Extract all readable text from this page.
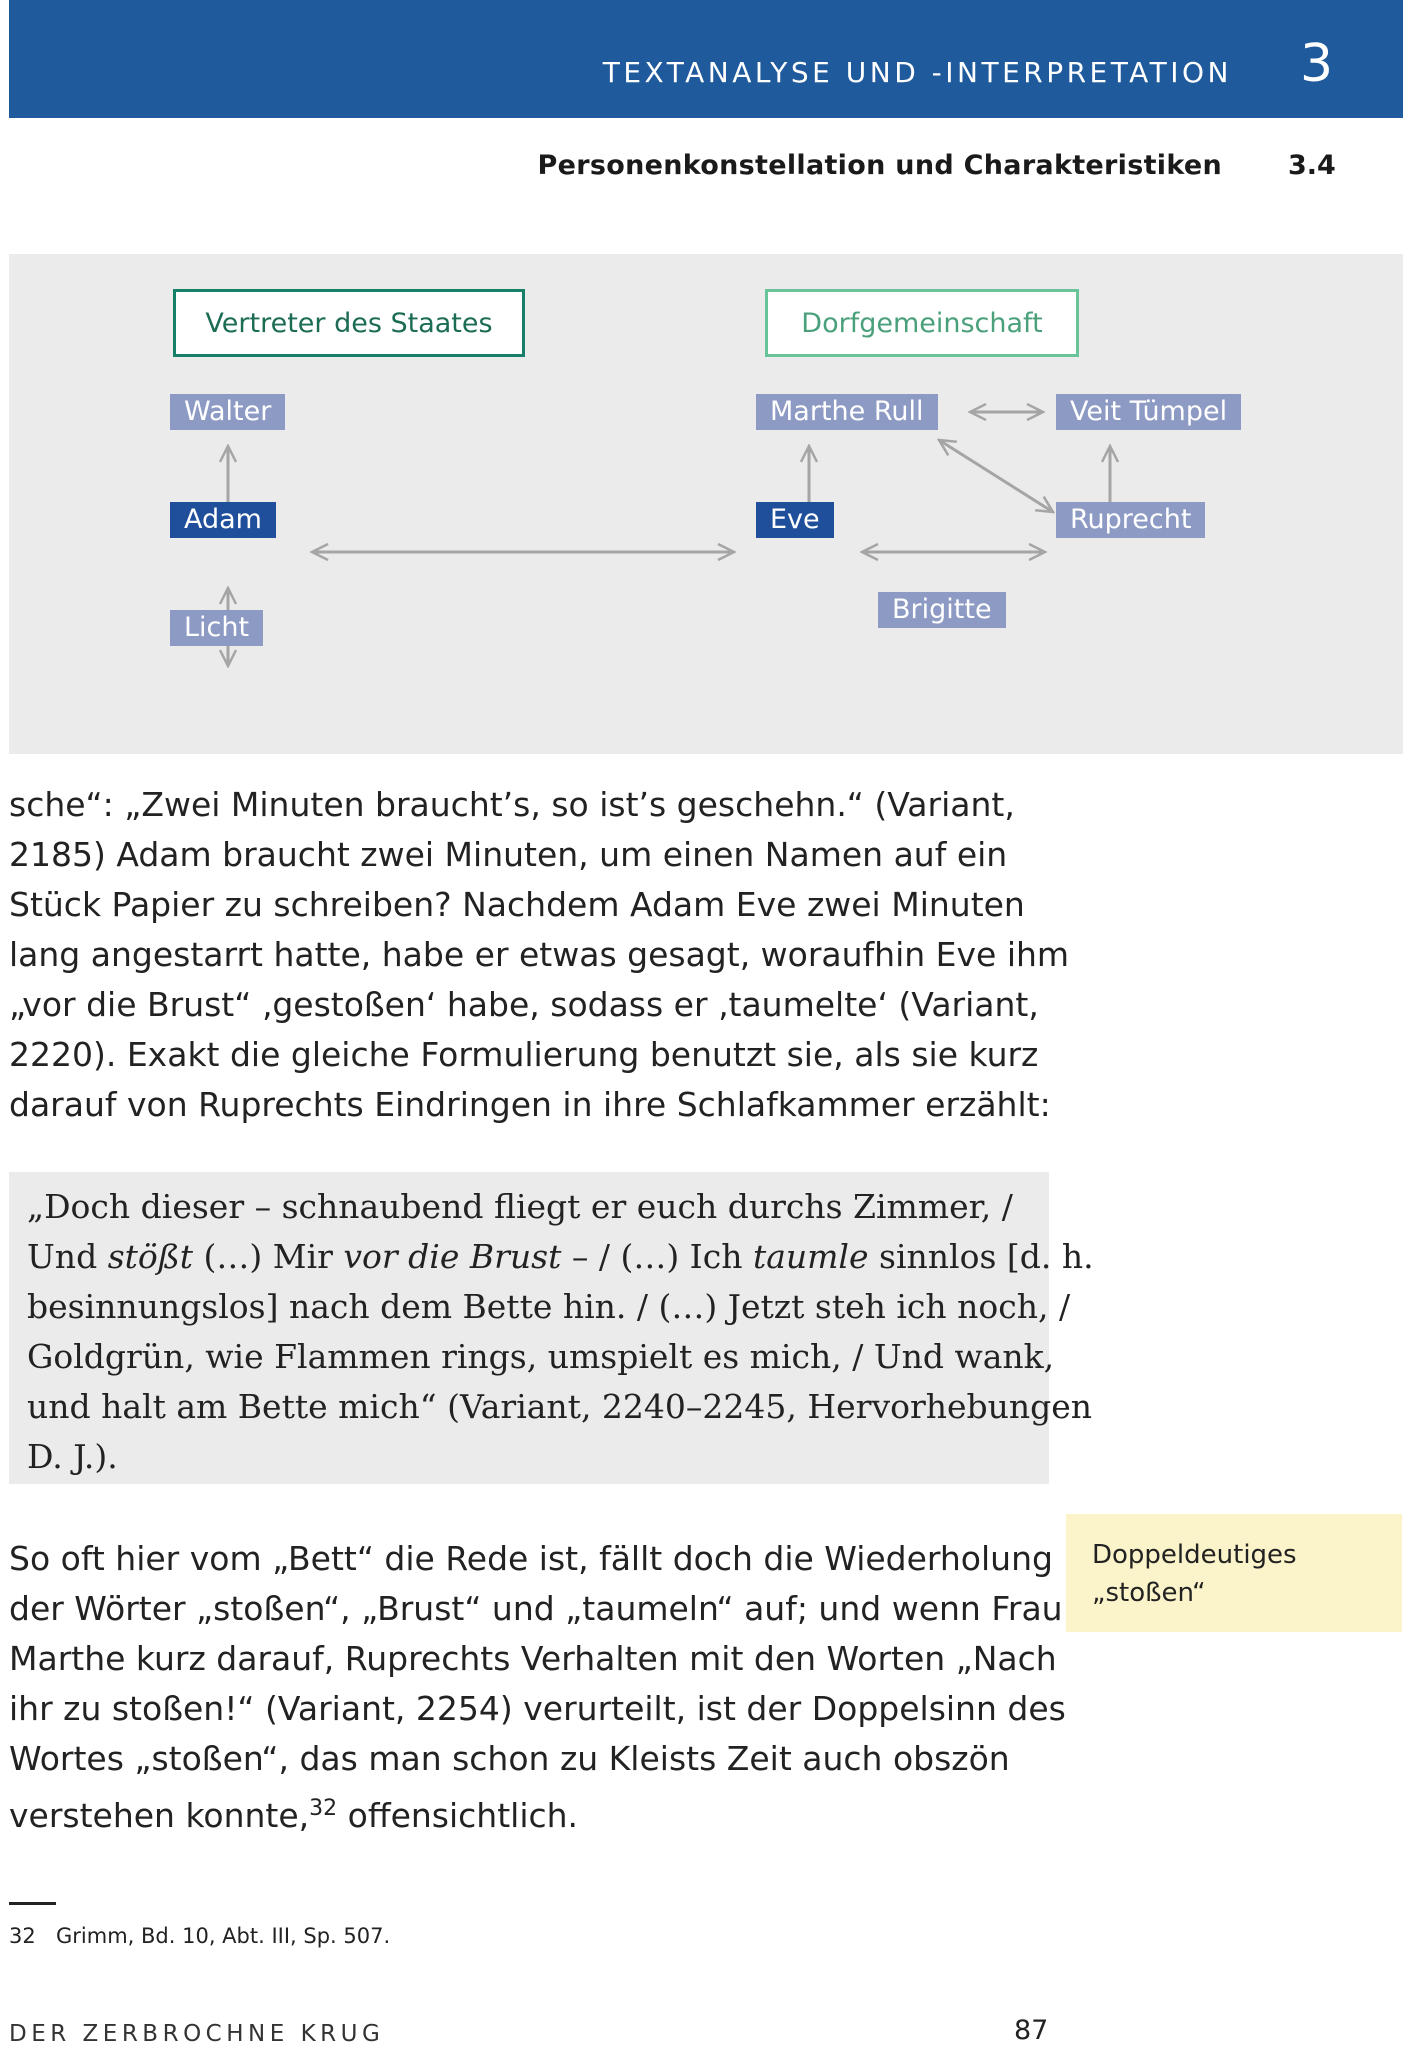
TEXTANALYSE UND -INTERPRETATION 3
Personenkonstellation und Charakteristiken 3.4
Vertreter des Staates	Dorfgemeinschaft
Walter
Adam
Licht
Marthe Rull	Veit Tümpel
Eve	Ruprecht
Brigitte
sche“: „Zwei Minuten braucht’s, so ist’s geschehn.“ (Variant,
2185) Adam braucht zwei Minuten, um einen Namen auf ein
Stück Papier zu schreiben? Nachdem Adam Eve zwei Minuten
lang angestarrt hatte, habe er etwas gesagt, woraufhin Eve ihm
„vor die Brust“ ‚gestoßen‘ habe, sodass er ‚taumelte‘ (Variant,
2220). Exakt die gleiche Formulierung benutzt sie, als sie kurz
darauf von Ruprechts Eindringen in ihre Schlafkammer erzählt:
„Doch dieser – schnaubend fliegt er euch durchs Zimmer, /
Und stößt (…) Mir vor die Brust – / (…) Ich taumle sinnlos [d. h.
besinnungslos] nach dem Bette hin. / (…) Jetzt steh ich noch, /
Goldgrün, wie Flammen rings, umspielt es mich, / Und wank,
und halt am Bette mich“ (Variant, 2240–2245, Hervorhebungen
D. J.).
So oft hier vom „Bett“ die Rede ist, fällt doch die Wiederholung
der Wörter „stoßen“, „Brust“ und „taumeln“ auf; und wenn Frau
Marthe kurz darauf, Ruprechts Verhalten mit den Worten „Nach
ihr zu stoßen!“ (Variant, 2254) verurteilt, ist der Doppelsinn des
Wortes „stoßen“, das man schon zu Kleists Zeit auch obszön
verstehen konnte,$^{32}$ offensichtlich.
Doppeldeutiges
„stoßen“
32 Grimm, Bd. 10, Abt. III, Sp. 507.
DER ZERBROCHNE KRUG	87
